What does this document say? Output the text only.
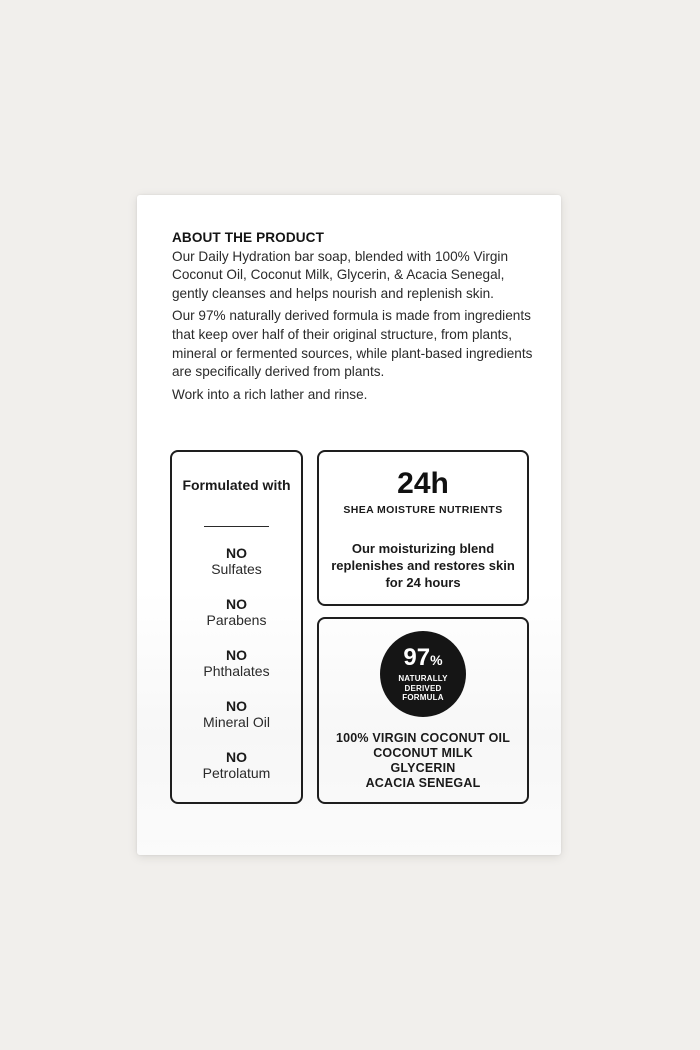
ABOUT THE PRODUCT

Our Daily Hydration bar soap, blended with 100% Virgin Coconut Oil, Coconut Milk, Glycerin, & Acacia Senegal, gently cleanses and helps nourish and replenish skin.

Our 97% naturally derived formula is made from ingredients that keep over half of their original structure, from plants, mineral or fermented sources, while plant-based ingredients are specifically derived from plants.

Work into a rich lather and rinse.

Formulated with
NO
Sulfates
NO
Parabens
NO
Phthalates
NO
Mineral Oil
NO
Petrolatum
24h
SHEA MOISTURE NUTRIENTS
Our moisturizing blend replenishes and restores skin for 24 hours
97%
NATURALLY
DERIVED
FORMULA
100% VIRGIN COCONUT OIL
COCONUT MILK
GLYCERIN
ACACIA SENEGAL
